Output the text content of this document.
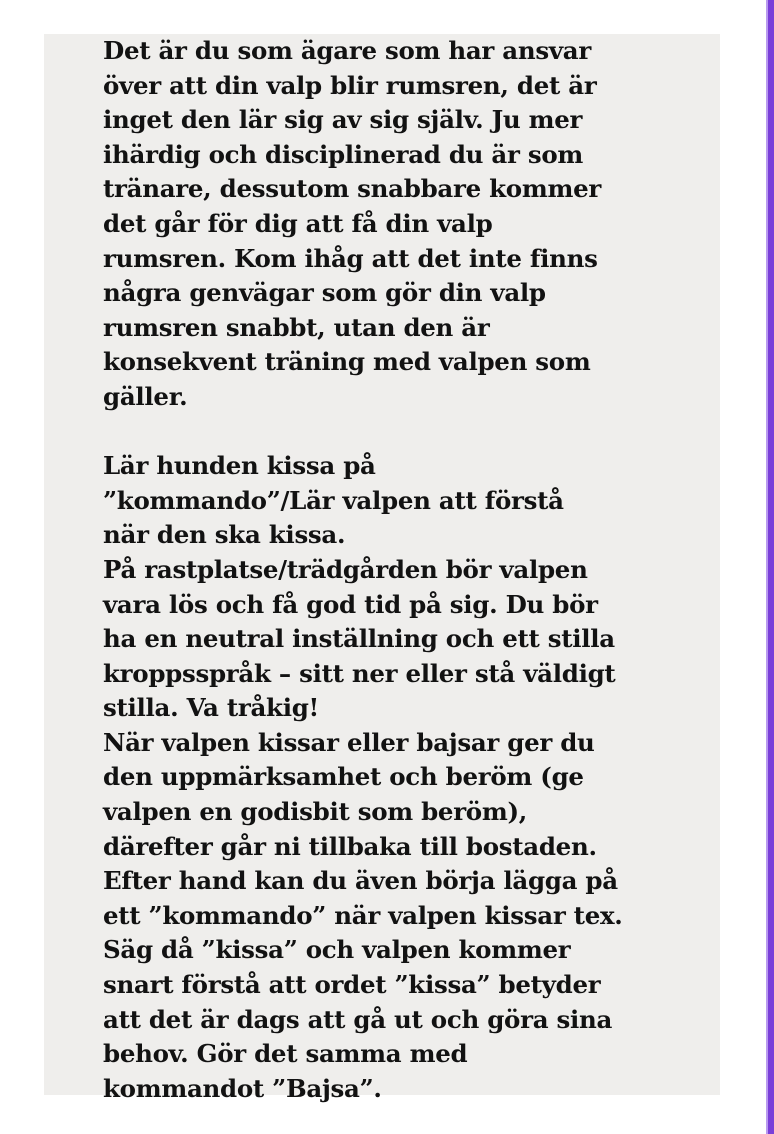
Det är du som ägare som har ansvar
över att din valp blir rumsren, det är
inget den lär sig av sig själv. Ju mer
ihärdig och disciplinerad du är som
tränare, dessutom snabbare kommer
det går för dig att få din valp
rumsren. Kom ihåg att det inte finns
några genvägar som gör din valp
rumsren snabbt, utan den är
konsekvent träning med valpen som
gäller.
Lär hunden kissa på
”kommando”/Lär valpen att förstå
när den ska kissa.
På rastplatse/trädgården bör valpen
vara lös och få god tid på sig. Du bör
ha en neutral inställning och ett stilla
kroppsspråk – sitt ner eller stå väldigt
stilla. Va tråkig!
När valpen kissar eller bajsar ger du
den uppmärksamhet och beröm (ge
valpen en godisbit som beröm),
därefter går ni tillbaka till bostaden.
Efter hand kan du även börja lägga på
ett ”kommando” när valpen kissar tex.
Säg då ”kissa” och valpen kommer
snart förstå att ordet ”kissa” betyder
att det är dags att gå ut och göra sina
behov. Gör det samma med
kommandot ”Bajsa”.
